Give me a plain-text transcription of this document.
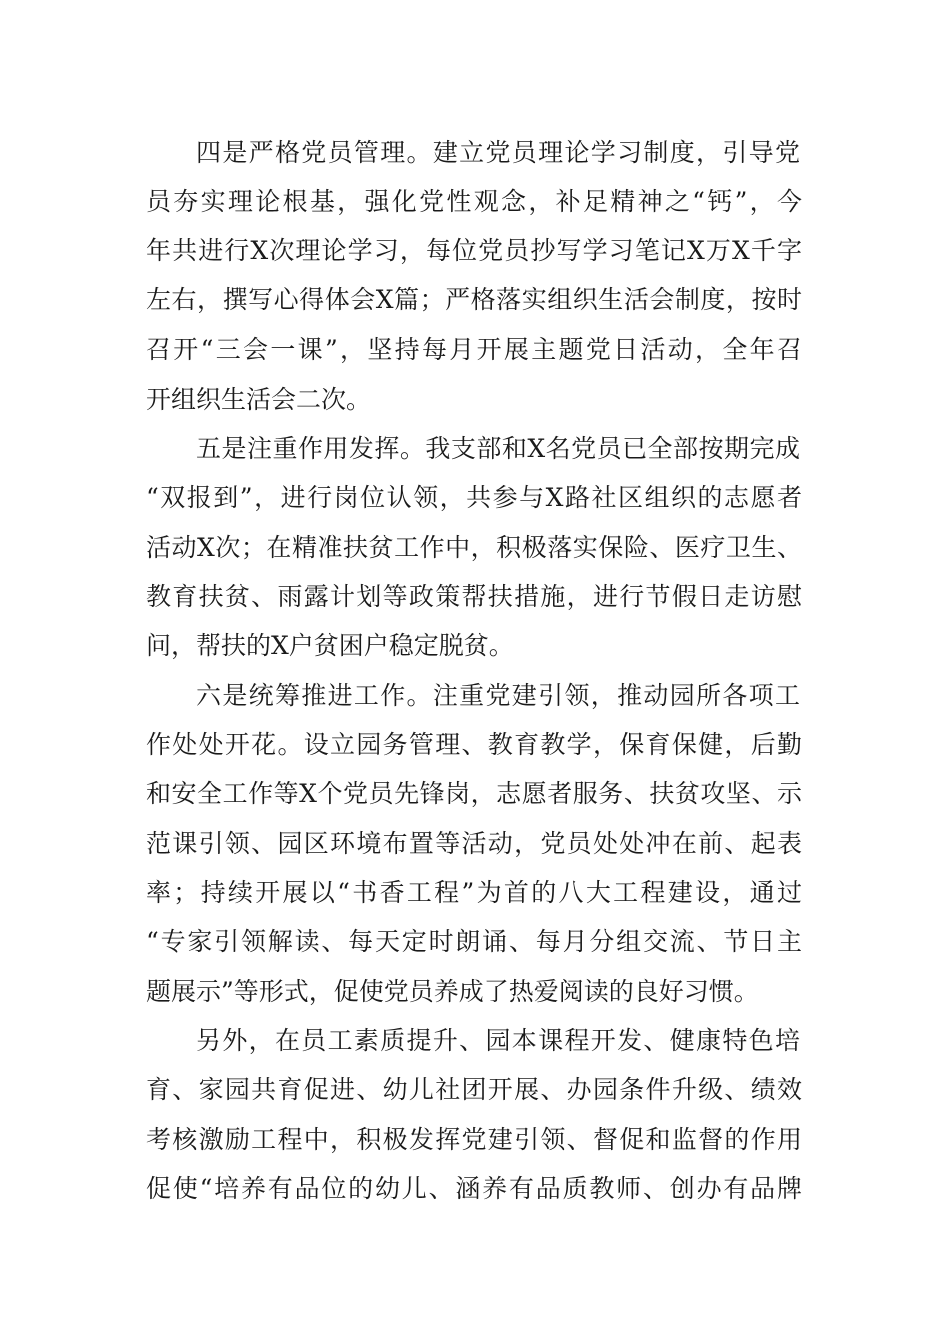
四是严格党员管理。建立党员理论学习制度，引导党
员夯实理论根基，强化党性观念，补足精神之“钙”，今
年共进行X次理论学习，每位党员抄写学习笔记X万X千字
左右，撰写心得体会X篇；严格落实组织生活会制度，按时
召开“三会一课”，坚持每月开展主题党日活动，全年召
开组织生活会二次。
五是注重作用发挥。我支部和X名党员已全部按期完成
“双报到”，进行岗位认领，共参与X路社区组织的志愿者
活动X次；在精准扶贫工作中，积极落实保险、医疗卫生、
教育扶贫、雨露计划等政策帮扶措施，进行节假日走访慰
问，帮扶的X户贫困户稳定脱贫。
六是统筹推进工作。注重党建引领，推动园所各项工
作处处开花。设立园务管理、教育教学，保育保健，后勤
和安全工作等X个党员先锋岗，志愿者服务、扶贫攻坚、示
范课引领、园区环境布置等活动，党员处处冲在前、起表
率；持续开展以“书香工程”为首的八大工程建设，通过
“专家引领解读、每天定时朗诵、每月分组交流、节日主
题展示”等形式，促使党员养成了热爱阅读的良好习惯。
另外，在员工素质提升、园本课程开发、健康特色培
育、家园共育促进、幼儿社团开展、办园条件升级、绩效
考核激励工程中，积极发挥党建引领、督促和监督的作用
促使“培养有品位的幼儿、涵养有品质教师、创办有品牌
